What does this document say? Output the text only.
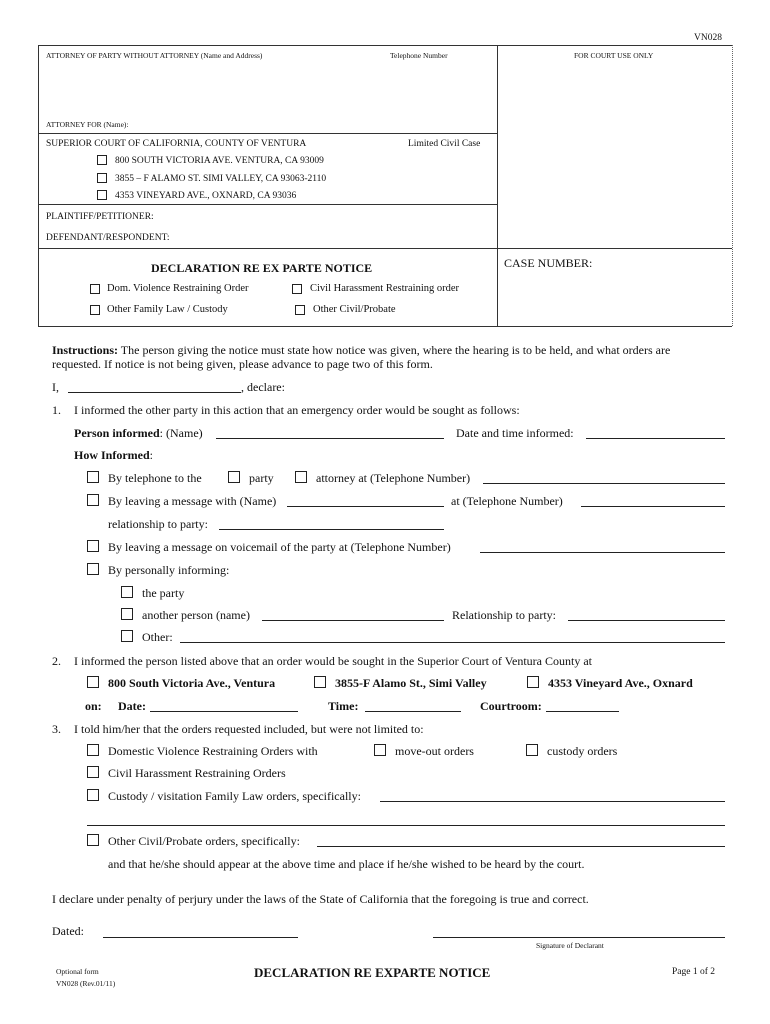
VN028
ATTORNEY OF PARTY WITHOUT ATTORNEY (Name and Address)	Telephone Number	FOR COURT USE ONLY
ATTORNEY FOR (Name):
SUPERIOR COURT OF CALIFORNIA, COUNTY OF VENTURA	Limited Civil Case
800 SOUTH VICTORIA AVE. VENTURA, CA 93009
3855 – F ALAMO ST. SIMI VALLEY, CA 93063-2110
4353 VINEYARD AVE., OXNARD, CA 93036
PLAINTIFF/PETITIONER:
DEFENDANT/RESPONDENT:
DECLARATION RE EX PARTE NOTICE	CASE NUMBER:
Dom. Violence Restraining Order	Civil Harassment Restraining order
Other Family Law / Custody	Other Civil/Probate
Instructions: The person giving the notice must state how notice was given, where the hearing is to be held, and what orders are
requested. If notice is not being given, please advance to page two of this form.
I,	, declare:
1. I informed the other party in this action that an emergency order would be sought as follows:
Person informed: (Name)	Date and time informed:
How Informed:
By telephone to the	party	attorney at (Telephone Number)
By leaving a message with (Name)	at (Telephone Number)
relationship to party:
By leaving a message on voicemail of the party at (Telephone Number)
By personally informing:
the party
another person (name)	Relationship to party:
Other:
2. I informed the person listed above that an order would be sought in the Superior Court of Ventura County at
800 South Victoria Ave., Ventura	3855-F Alamo St., Simi Valley	4353 Vineyard Ave., Oxnard
on: Date:	Time:	Courtroom:
3. I told him/her that the orders requested included, but were not limited to:
Domestic Violence Restraining Orders with	move-out orders	custody orders
Civil Harassment Restraining Orders
Custody / visitation Family Law orders, specifically:
Other Civil/Probate orders, specifically:
and that he/she should appear at the above time and place if he/she wished to be heard by the court.
I declare under penalty of perjury under the laws of the State of California that the foregoing is true and correct.
Dated:
Signature of Declarant
Optional form
VN028 (Rev.01/11)
DECLARATION RE EXPARTE NOTICE	Page 1 of 2
